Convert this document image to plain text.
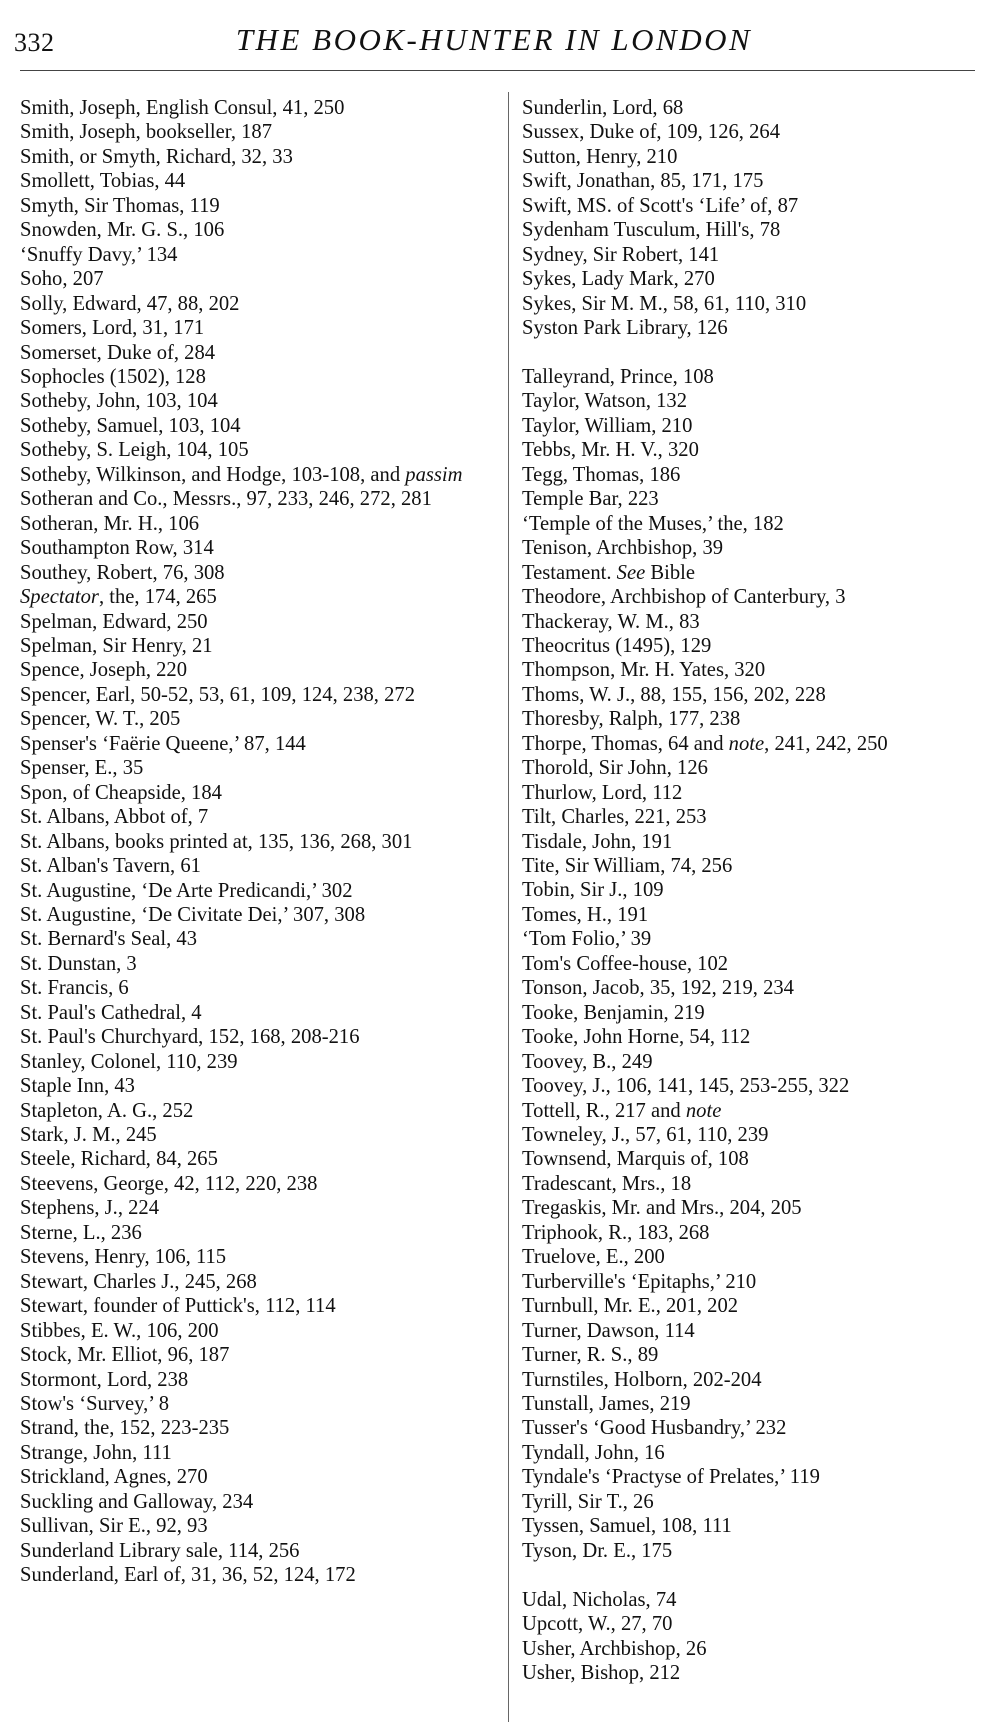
332	THE BOOK-HUNTER IN LONDON
Smith, Joseph, English Consul, 41, 250
Smith, Joseph, bookseller, 187
Smith, or Smyth, Richard, 32, 33
Smollett, Tobias, 44
Smyth, Sir Thomas, 119
Snowden, Mr. G. S., 106
‘Snuffy Davy,’ 134
Soho, 207
Solly, Edward, 47, 88, 202
Somers, Lord, 31, 171
Somerset, Duke of, 284
Sophocles (1502), 128
Sotheby, John, 103, 104
Sotheby, Samuel, 103, 104
Sotheby, S. Leigh, 104, 105
Sotheby, Wilkinson, and Hodge, 103-108, and passim
Sotheran and Co., Messrs., 97, 233, 246, 272, 281
Sotheran, Mr. H., 106
Southampton Row, 314
Southey, Robert, 76, 308
Spectator, the, 174, 265
Spelman, Edward, 250
Spelman, Sir Henry, 21
Spence, Joseph, 220
Spencer, Earl, 50-52, 53, 61, 109, 124, 238, 272
Spencer, W. T., 205
Spenser's ‘Faërie Queene,’ 87, 144
Spenser, E., 35
Spon, of Cheapside, 184
St. Albans, Abbot of, 7
St. Albans, books printed at, 135, 136, 268, 301
St. Alban's Tavern, 61
St. Augustine, ‘De Arte Predicandi,’ 302
St. Augustine, ‘De Civitate Dei,’ 307, 308
St. Bernard's Seal, 43
St. Dunstan, 3
St. Francis, 6
St. Paul's Cathedral, 4
St. Paul's Churchyard, 152, 168, 208-216
Stanley, Colonel, 110, 239
Staple Inn, 43
Stapleton, A. G., 252
Stark, J. M., 245
Steele, Richard, 84, 265
Steevens, George, 42, 112, 220, 238
Stephens, J., 224
Sterne, L., 236
Stevens, Henry, 106, 115
Stewart, Charles J., 245, 268
Stewart, founder of Puttick's, 112, 114
Stibbes, E. W., 106, 200
Stock, Mr. Elliot, 96, 187
Stormont, Lord, 238
Stow's ‘Survey,’ 8
Strand, the, 152, 223-235
Strange, John, 111
Strickland, Agnes, 270
Suckling and Galloway, 234
Sullivan, Sir E., 92, 93
Sunderland Library sale, 114, 256
Sunderland, Earl of, 31, 36, 52, 124, 172
Sunderlin, Lord, 68
Sussex, Duke of, 109, 126, 264
Sutton, Henry, 210
Swift, Jonathan, 85, 171, 175
Swift, MS. of Scott's ‘Life’ of, 87
Sydenham Tusculum, Hill's, 78
Sydney, Sir Robert, 141
Sykes, Lady Mark, 270
Sykes, Sir M. M., 58, 61, 110, 310
Syston Park Library, 126
Talleyrand, Prince, 108
Taylor, Watson, 132
Taylor, William, 210
Tebbs, Mr. H. V., 320
Tegg, Thomas, 186
Temple Bar, 223
‘Temple of the Muses,’ the, 182
Tenison, Archbishop, 39
Testament. See Bible
Theodore, Archbishop of Canterbury, 3
Thackeray, W. M., 83
Theocritus (1495), 129
Thompson, Mr. H. Yates, 320
Thoms, W. J., 88, 155, 156, 202, 228
Thoresby, Ralph, 177, 238
Thorpe, Thomas, 64 and note, 241, 242, 250
Thorold, Sir John, 126
Thurlow, Lord, 112
Tilt, Charles, 221, 253
Tisdale, John, 191
Tite, Sir William, 74, 256
Tobin, Sir J., 109
Tomes, H., 191
‘Tom Folio,’ 39
Tom's Coffee-house, 102
Tonson, Jacob, 35, 192, 219, 234
Tooke, Benjamin, 219
Tooke, John Horne, 54, 112
Toovey, B., 249
Toovey, J., 106, 141, 145, 253-255, 322
Tottell, R., 217 and note
Towneley, J., 57, 61, 110, 239
Townsend, Marquis of, 108
Tradescant, Mrs., 18
Tregaskis, Mr. and Mrs., 204, 205
Triphook, R., 183, 268
Truelove, E., 200
Turberville's ‘Epitaphs,’ 210
Turnbull, Mr. E., 201, 202
Turner, Dawson, 114
Turner, R. S., 89
Turnstiles, Holborn, 202-204
Tunstall, James, 219
Tusser's ‘Good Husbandry,’ 232
Tyndall, John, 16
Tyndale's ‘Practyse of Prelates,’ 119
Tyrill, Sir T., 26
Tyssen, Samuel, 108, 111
Tyson, Dr. E., 175
Udal, Nicholas, 74
Upcott, W., 27, 70
Usher, Archbishop, 26
Usher, Bishop, 212
